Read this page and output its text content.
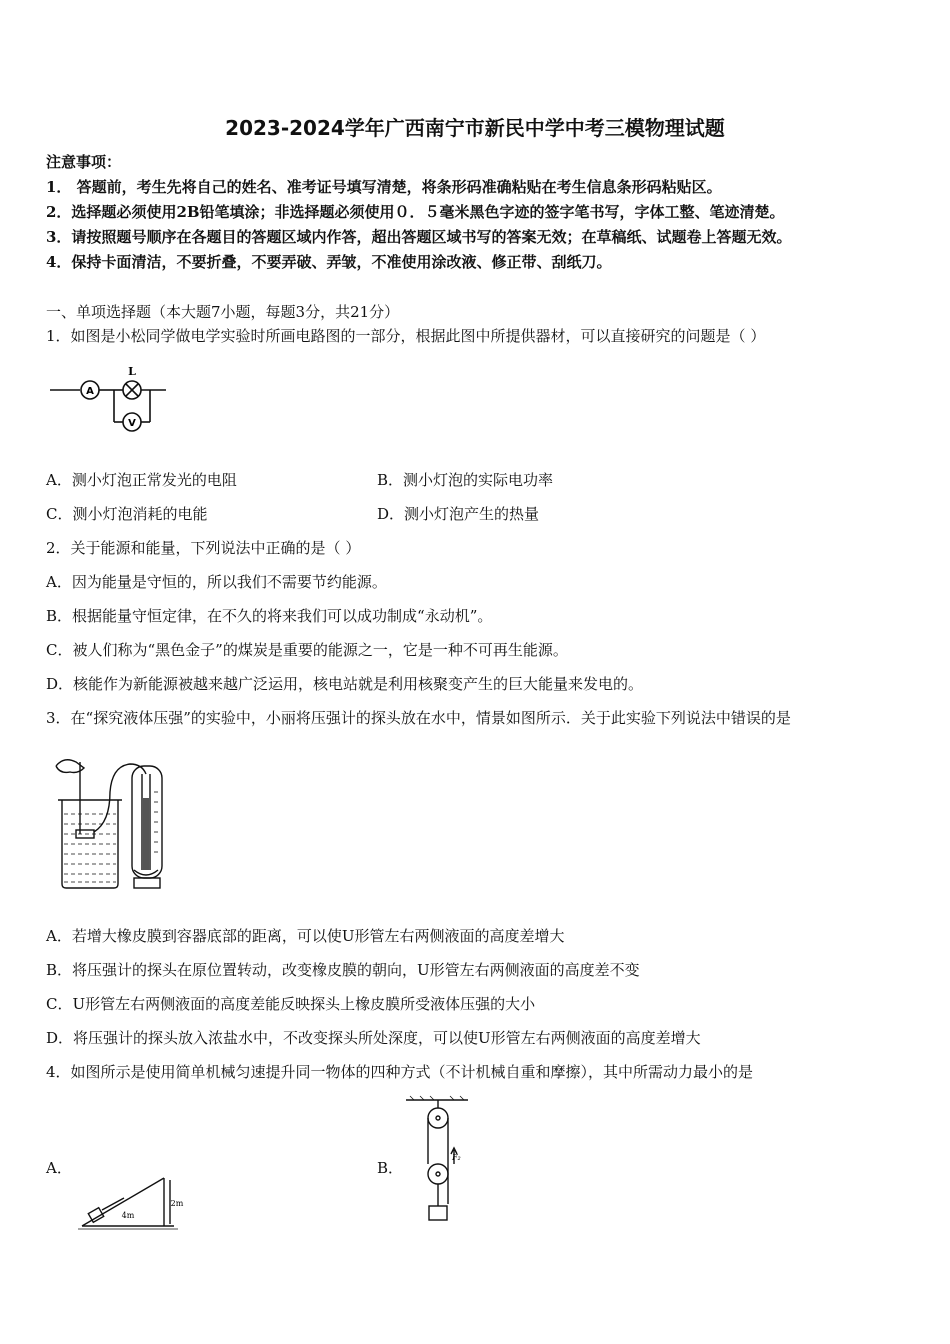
2023-2024学年广西南宁市新民中学中考三模物理试题
注意事项：
1． 答题前，考生先将自己的姓名、准考证号填写清楚，将条形码准确粘贴在考生信息条形码粘贴区。
2．选择题必须使用2B铅笔填涂；非选择题必须使用０．５毫米黑色字迹的签字笔书写，字体工整、笔迹清楚。
3．请按照题号顺序在各题目的答题区域内作答，超出答题区域书写的答案无效；在草稿纸、试题卷上答题无效。
4．保持卡面清洁，不要折叠，不要弄破、弄皱，不准使用涂改液、修正带、刮纸刀。
一、单项选择题（本大题7小题，每题3分，共21分）
1．如图是小松同学做电学实验时所画电路图的一部分，根据此图中所提供器材，可以直接研究的问题是（ ）
A
L
V
A．测小灯泡正常发光的电阻	B．测小灯泡的实际电功率
C．测小灯泡消耗的电能	D．测小灯泡产生的热量
2．关于能源和能量，下列说法中正确的是（ ）
A．因为能量是守恒的，所以我们不需要节约能源。
B．根据能量守恒定律，在不久的将来我们可以成功制成“永动机”。
C．被人们称为“黑色金子”的煤炭是重要的能源之一，它是一种不可再生能源。
D．核能作为新能源被越来越广泛运用，核电站就是利用核聚变产生的巨大能量来发电的。
3．在“探究液体压强”的实验中，小丽将压强计的探头放在水中，情景如图所示．关于此实验下列说法中错误的是
A．若增大橡皮膜到容器底部的距离，可以使U形管左右两侧液面的高度差增大
B．将压强计的探头在原位置转动，改变橡皮膜的朝向，U形管左右两侧液面的高度差不变
C．U形管左右两侧液面的高度差能反映探头上橡皮膜所受液体压强的大小
D．将压强计的探头放入浓盐水中，不改变探头所处深度，可以使U形管左右两侧液面的高度差增大
4．如图所示是使用简单机械匀速提升同一物体的四种方式（不计机械自重和摩擦），其中所需动力最小的是
A．
4m
2m
B．
F₂
